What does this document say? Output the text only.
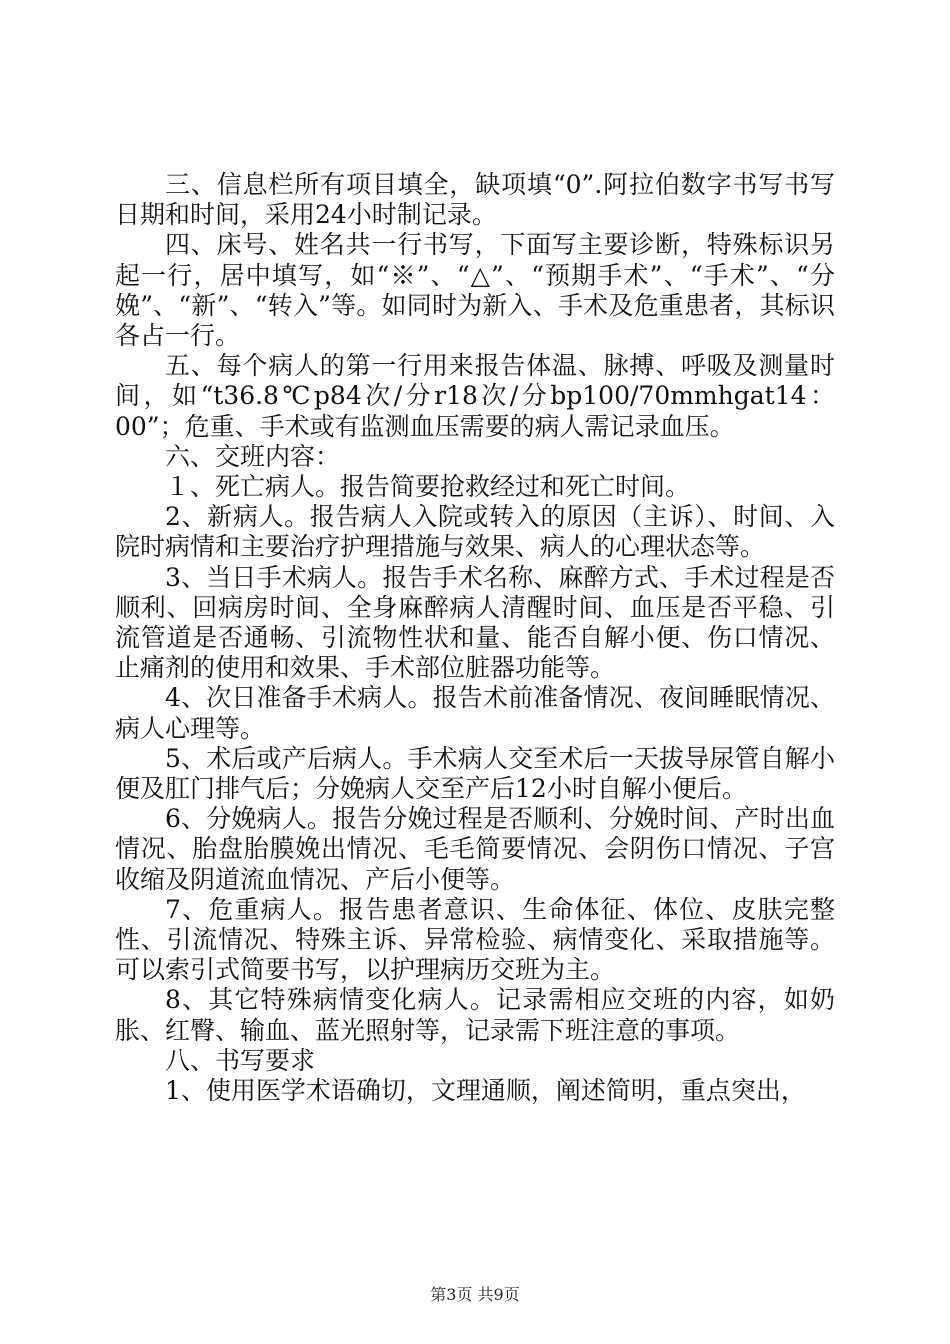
三、信息栏所有项目填全，缺项填“0”.阿拉伯数字书写书写日期和时间，采用24小时制记录。

四、床号、姓名共一行书写，下面写主要诊断，特殊标识另起一行，居中填写，如“※”、“△”、“预期手术”、“手术”、“分娩”、“新”、“转入”等。如同时为新入、手术及危重患者，其标识各占一行。

五、每个病人的第一行用来报告体温、脉搏、呼吸及测量时间，如“t36.8℃p84次/分r18次/分bp100/70mmhgat14：00”；危重、手术或有监测血压需要的病人需记录血压。

六、交班内容：

１、死亡病人。报告简要抢救经过和死亡时间。

2、新病人。报告病人入院或转入的原因（主诉）、时间、入院时病情和主要治疗护理措施与效果、病人的心理状态等。

3、当日手术病人。报告手术名称、麻醉方式、手术过程是否顺利、回病房时间、全身麻醉病人清醒时间、血压是否平稳、引流管道是否通畅、引流物性状和量、能否自解小便、伤口情况、止痛剂的使用和效果、手术部位脏器功能等。

4、次日准备手术病人。报告术前准备情况、夜间睡眠情况、病人心理等。

5、术后或产后病人。手术病人交至术后一天拔导尿管自解小便及肛门排气后；分娩病人交至产后12小时自解小便后。

6、分娩病人。报告分娩过程是否顺利、分娩时间、产时出血情况、胎盘胎膜娩出情况、毛毛简要情况、会阴伤口情况、子宫收缩及阴道流血情况、产后小便等。

7、危重病人。报告患者意识、生命体征、体位、皮肤完整性、引流情况、特殊主诉、异常检验、病情变化、采取措施等。可以索引式简要书写，以护理病历交班为主。

8、其它特殊病情变化病人。记录需相应交班的内容，如奶胀、红臀、输血、蓝光照射等，记录需下班注意的事项。

八、书写要求

1、使用医学术语确切，文理通顺，阐述简明，重点突出，

第3页 共9页
